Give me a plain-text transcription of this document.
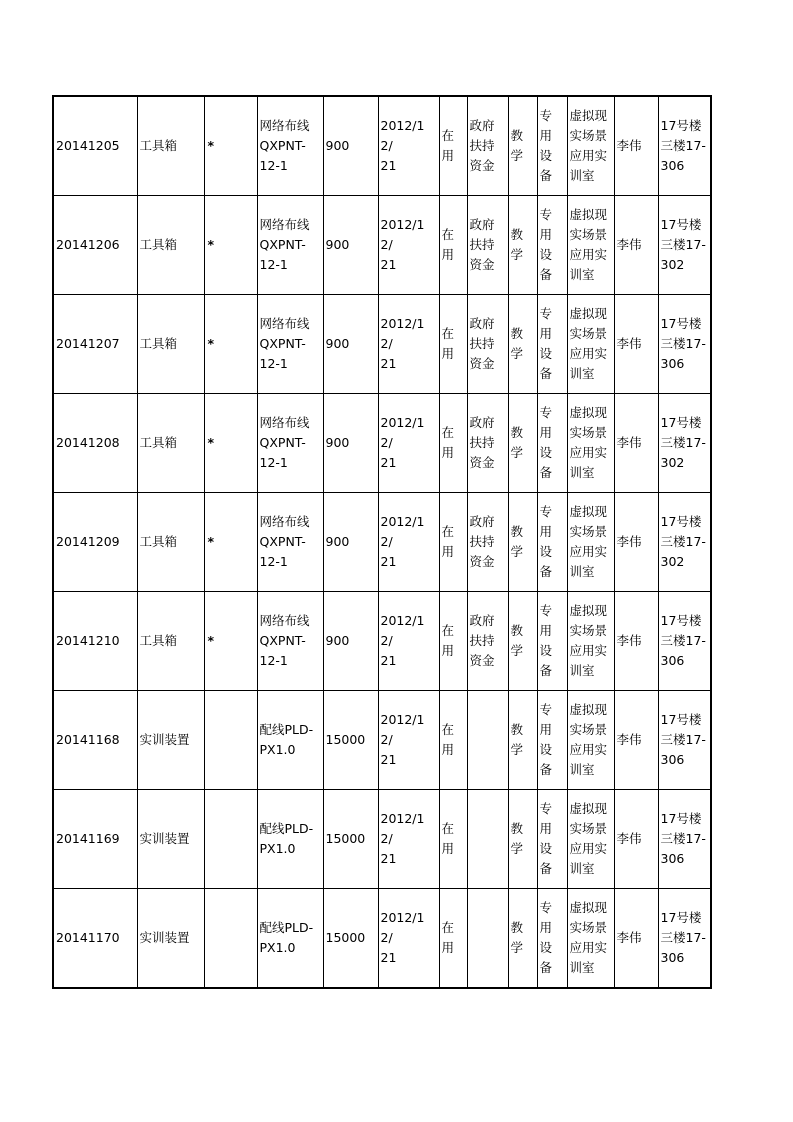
20141205	工具箱	*	网络布线
QXPNT-
12-1	900	2012/12/
21	在
用	政府
扶持
资金	教
学	专
用
设
备	虚拟现
实场景
应用实
训室	李伟	17号楼
三楼17-
306

20141206	工具箱	*	网络布线
QXPNT-
12-1	900	2012/12/
21	在
用	政府
扶持
资金	教
学	专
用
设
备	虚拟现
实场景
应用实
训室	李伟	17号楼
三楼17-
302

20141207	工具箱	*	网络布线
QXPNT-
12-1	900	2012/12/
21	在
用	政府
扶持
资金	教
学	专
用
设
备	虚拟现
实场景
应用实
训室	李伟	17号楼
三楼17-
306

20141208	工具箱	*	网络布线
QXPNT-
12-1	900	2012/12/
21	在
用	政府
扶持
资金	教
学	专
用
设
备	虚拟现
实场景
应用实
训室	李伟	17号楼
三楼17-
302

20141209	工具箱	*	网络布线
QXPNT-
12-1	900	2012/12/
21	在
用	政府
扶持
资金	教
学	专
用
设
备	虚拟现
实场景
应用实
训室	李伟	17号楼
三楼17-
302

20141210	工具箱	*	网络布线
QXPNT-
12-1	900	2012/12/
21	在
用	政府
扶持
资金	教
学	专
用
设
备	虚拟现
实场景
应用实
训室	李伟	17号楼
三楼17-
306

20141168	实训装置		配线PLD-
PX1.0	15000	2012/12/
21	在
用		教
学	专
用
设
备	虚拟现
实场景
应用实
训室	李伟	17号楼
三楼17-
306

20141169	实训装置		配线PLD-
PX1.0	15000	2012/12/
21	在
用		教
学	专
用
设
备	虚拟现
实场景
应用实
训室	李伟	17号楼
三楼17-
306

20141170	实训装置		配线PLD-
PX1.0	15000	2012/12/
21	在
用		教
学	专
用
设
备	虚拟现
实场景
应用实
训室	李伟	17号楼
三楼17-
306
